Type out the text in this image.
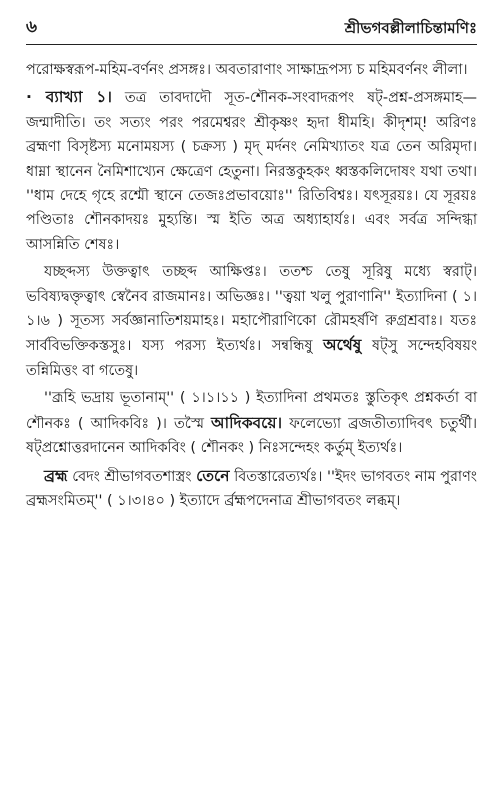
৬	শ্রীভগবল্লীলাচিন্তামণিঃ

পরোক্ষস্বরূপ-মহিম-বর্ণনং প্রসঙ্গঃ। অবতারাণাং সাক্ষাদ্রূপস্য চ মহিমবর্ণনং লীলা।

· ব্যাখ্যা ১। তত্র তাবদাদৌ সূত-শৌনক-সংবাদরূপং ষট্-প্রশ্ন-প্রসঙ্গমাহ—জন্মাদীতি। তং সত্যং পরং পরমেশ্বরং শ্রীকৃষ্ণং হৃদা ধীমহি। কীদৃশম্! অরিণঃ ব্রহ্মণা বিসৃষ্টস্য মনোময়স্য ( চক্রস্য ) মৃদ্ মর্দনং নেমিখ্যাতং যত্র তেন অরিমৃদা। ধাম্না স্থানেন নৈমিশাখ্যেন ক্ষেত্রেণ হেতুনা। নিরস্তকুহকং ধ্বস্তকলিদোষং যথা তথা। ''ধাম দেহে গৃহে রশ্মৌ স্থানে তেজঃপ্রভাবয়োঃ'' রিতিবিশ্বঃ। যৎসূরয়ঃ। যে সূরয়ঃ পণ্ডিতাঃ শৌনকাদয়ঃ মুহ্যন্তি। স্ম ইতি অত্র অধ্যাহার্যঃ। এবং সর্বত্র সন্দিগ্ধা আসন্নিতি শেষঃ।

যচ্ছব্দস্য উক্তত্বাৎ তচ্ছব্দ আক্ষিপ্তঃ। ততশ্চ তেষু সূরিষু মধ্যে স্বরাট্। ভবিষ্যদ্বক্তৃত্বাৎ স্বেনৈব রাজমানঃ। অভিজ্ঞঃ। ''ত্বয়া খলু পুরাণানি'' ইত্যাদিনা ( ১।১।৬ ) সূতস্য সর্বজ্ঞানাতিশয়মাহঃ। মহাপৌরাণিকো রৌমহর্ষণি রুগ্রশ্রবাঃ। যতঃ সার্ববিভক্তিকস্তসুঃ। যস্য পরস্য ইত্যর্থঃ। সন্বন্ধিষু অর্থেষু ষট্সু সন্দেহবিষয়ং তন্নিমিত্তং বা গতেষু।

''ব্রূহি ভদ্রায় ভূতানাম্'' ( ১।১।১১ ) ইত্যাদিনা প্রথমতঃ স্তুতিকৃৎ প্রশ্নকর্তা বা শৌনকঃ ( আদিকবিঃ )। তস্মৈ আদিকবয়ে। ফলেভ্যো ব্রজতীত্যাদিবৎ চতুর্থী। ষট্প্রশ্নোত্তরদানেন আদিকবিং ( শৌনকং ) নিঃসন্দেহং কর্তুম্ ইত্যর্থঃ।

ব্রহ্ম বেদং শ্রীভাগবতশাস্ত্রং তেনে বিতস্তারেত্যর্থঃ। ''ইদং ভাগবতং নাম পুরাণং ব্রহ্মসংমিতম্'' ( ১।৩।৪০ ) ইত্যাদে র্ব্রহ্মপদেনাত্র শ্রীভাগবতং লব্ধম্।
